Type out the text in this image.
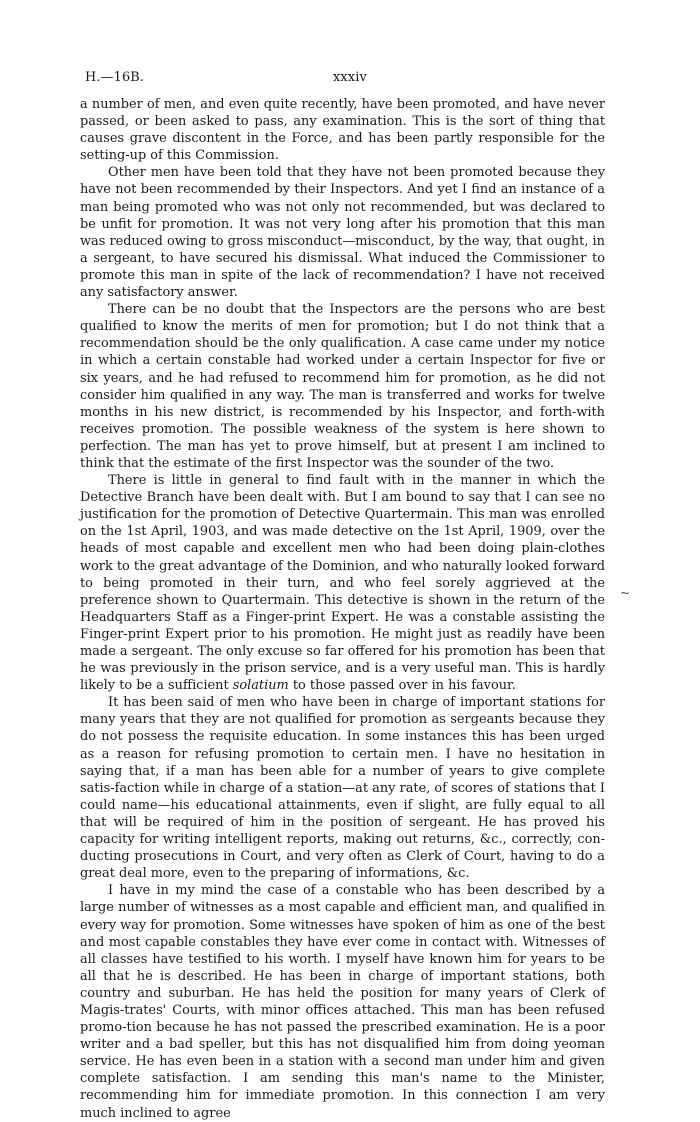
H.—16B.	xxxiv

a number of men, and even quite recently, have been promoted, and have never passed, or been asked to pass, any examination. This is the sort of thing that causes grave discontent in the Force, and has been partly responsible for the setting-up of this Commission.

Other men have been told that they have not been promoted because they have not been recommended by their Inspectors. And yet I find an instance of a man being promoted who was not only not recommended, but was declared to be unfit for promotion. It was not very long after his promotion that this man was reduced owing to gross misconduct—misconduct, by the way, that ought, in a sergeant, to have secured his dismissal. What induced the Commissioner to promote this man in spite of the lack of recommendation? I have not received any satisfactory answer.

There can be no doubt that the Inspectors are the persons who are best qualified to know the merits of men for promotion; but I do not think that a recommendation should be the only qualification. A case came under my notice in which a certain constable had worked under a certain Inspector for five or six years, and he had refused to recommend him for promotion, as he did not consider him qualified in any way. The man is transferred and works for twelve months in his new district, is recommended by his Inspector, and forth-with receives promotion. The possible weakness of the system is here shown to perfection. The man has yet to prove himself, but at present I am inclined to think that the estimate of the first Inspector was the sounder of the two.

There is little in general to find fault with in the manner in which the Detective Branch have been dealt with. But I am bound to say that I can see no justification for the promotion of Detective Quartermain. This man was enrolled on the 1st April, 1903, and was made detective on the 1st April, 1909, over the heads of most capable and excellent men who had been doing plain-clothes work to the great advantage of the Dominion, and who naturally looked forward to being promoted in their turn, and who feel sorely aggrieved at the preference shown to Quartermain. This detective is shown in the return of the Headquarters Staff as a Finger-print Expert. He was a constable assisting the Finger-print Expert prior to his promotion. He might just as readily have been made a sergeant. The only excuse so far offered for his promotion has been that he was previously in the prison service, and is a very useful man. This is hardly likely to be a sufficient solatium to those passed over in his favour.

It has been said of men who have been in charge of important stations for many years that they are not qualified for promotion as sergeants because they do not possess the requisite education. In some instances this has been urged as a reason for refusing promotion to certain men. I have no hesitation in saying that, if a man has been able for a number of years to give complete satis-faction while in charge of a station—at any rate, of scores of stations that I could name—his educational attainments, even if slight, are fully equal to all that will be required of him in the position of sergeant. He has proved his capacity for writing intelligent reports, making out returns, &c., correctly, con-ducting prosecutions in Court, and very often as Clerk of Court, having to do a great deal more, even to the preparing of informations, &c.

I have in my mind the case of a constable who has been described by a large number of witnesses as a most capable and efficient man, and qualified in every way for promotion. Some witnesses have spoken of him as one of the best and most capable constables they have ever come in contact with. Witnesses of all classes have testified to his worth. I myself have known him for years to be all that he is described. He has been in charge of important stations, both country and suburban. He has held the position for many years of Clerk of Magis-trates' Courts, with minor offices attached. This man has been refused promo-tion because he has not passed the prescribed examination. He is a poor writer and a bad speller, but this has not disqualified him from doing yeoman service. He has even been in a station with a second man under him and given complete satisfaction. I am sending this man's name to the Minister, recommending him for immediate promotion. In this connection I am very much inclined to agree

~
